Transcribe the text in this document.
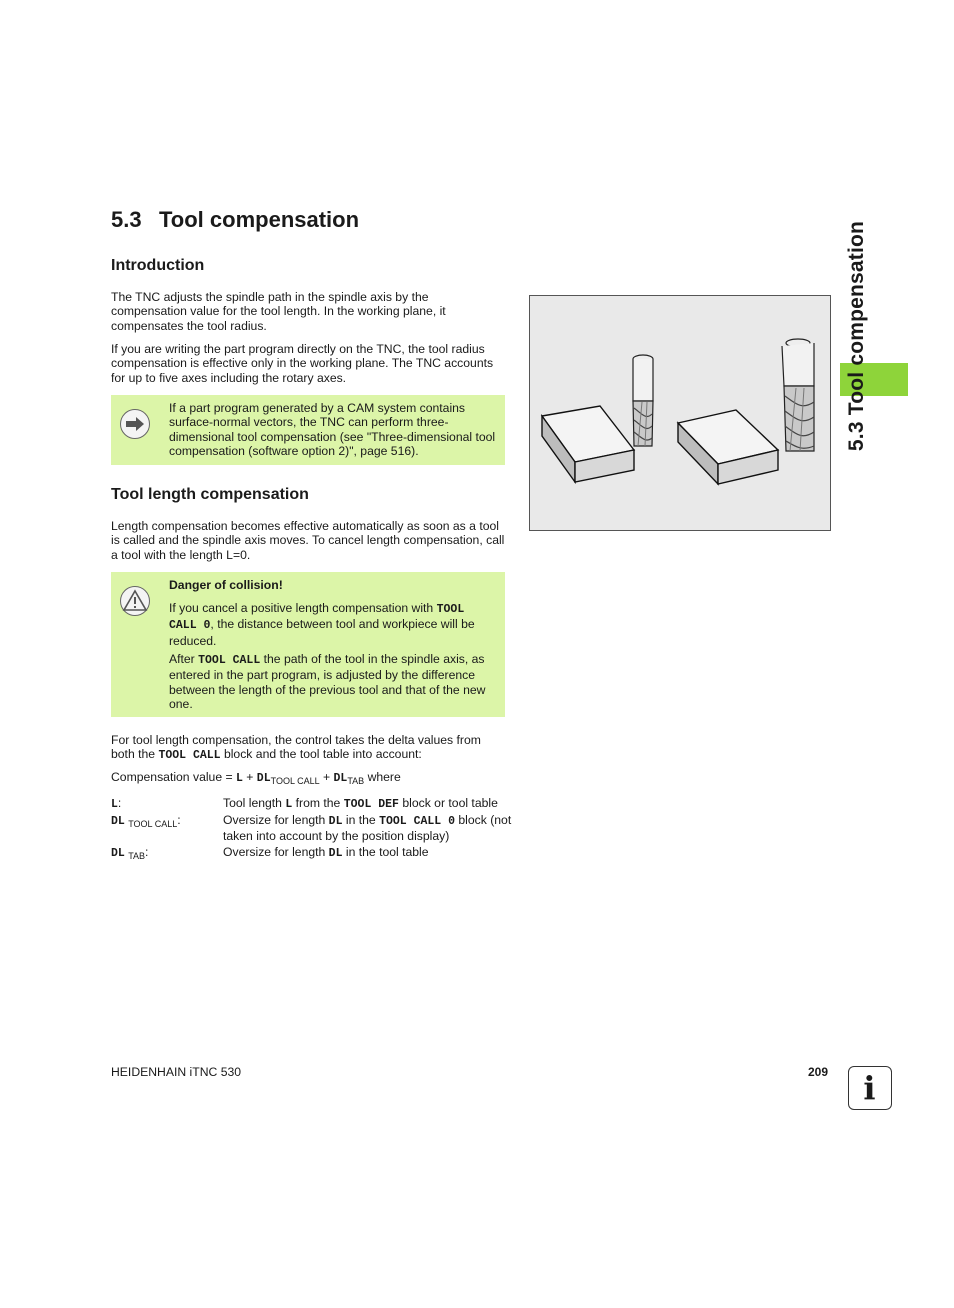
5.3 Tool compensation
5.3 Tool compensation
Introduction

The TNC adjusts the spindle path in the spindle axis by the compensation value for the tool length. In the working plane, it compensates the tool radius.

If you are writing the part program directly on the TNC, the tool radius compensation is effective only in the working plane. The TNC accounts for up to five axes including the rotary axes.

If a part program generated by a CAM system contains surface-normal vectors, the TNC can perform three-dimensional tool compensation (see "Three-dimensional tool compensation (software option 2)", page 516).

Tool length compensation

Length compensation becomes effective automatically as soon as a tool is called and the spindle axis moves. To cancel length compensation, call a tool with the length L=0.

Danger of collision!

If you cancel a positive length compensation with TOOL CALL 0, the distance between tool and workpiece will be reduced.

After TOOL CALL the path of the tool in the spindle axis, as entered in the part program, is adjusted by the difference between the length of the previous tool and that of the new one.

For tool length compensation, the control takes the delta values from both the TOOL CALL block and the tool table into account:

Compensation value = $L + DL_{TOOL CALL} + DL_{TAB}$ where

L:	Tool length L from the TOOL DEF block or tool table
DL $_{TOOL CALL}$:	Oversize for length DL in the TOOL CALL 0 block (not taken into account by the position display)
DL $_{TAB}$:	Oversize for length DL in the tool table
HEIDENHAIN iTNC 530	209	i
